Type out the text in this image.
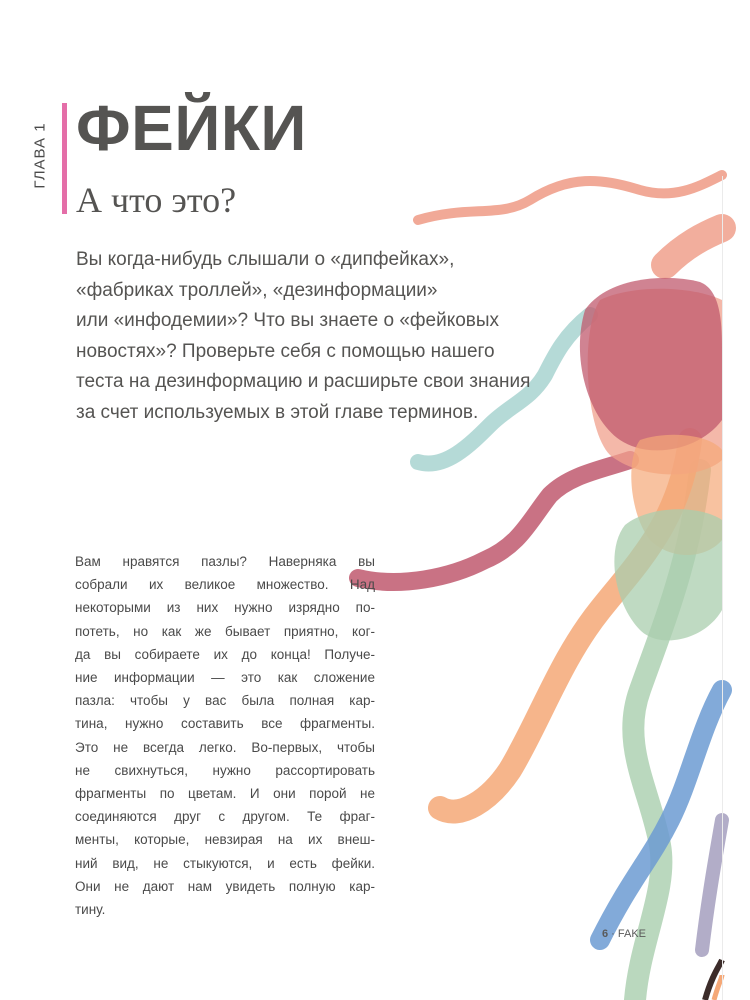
ГЛАВА 1 ФЕЙКИ
А что это?
Вы когда-нибудь слышали о «дипфейках»,
«фабриках троллей», «дезинформации»
или «инфодемии»? Что вы знаете о «фейковых
новостях»? Проверьте себя с помощью нашего
теста на дезинформацию и расширьте свои знания
за счет используемых в этой главе терминов.
Вам нравятся пазлы? Наверняка вы
собрали их великое множество. Над
некоторыми из них нужно изрядно по-
потеть, но как же бывает приятно, ког-
да вы собираете их до конца! Получе-
ние информации — это как сложение
пазла: чтобы у вас была полная кар-
тина, нужно составить все фрагменты.
Это не всегда легко. Во-первых, чтобы
не свихнуться, нужно рассортировать
фрагменты по цветам. И они порой не
соединяются друг с другом. Те фраг-
менты, которые, невзирая на их внеш-
ний вид, не стыкуются, и есть фейки.
Они не дают нам увидеть полную кар-
тину.
6 · FAKE
